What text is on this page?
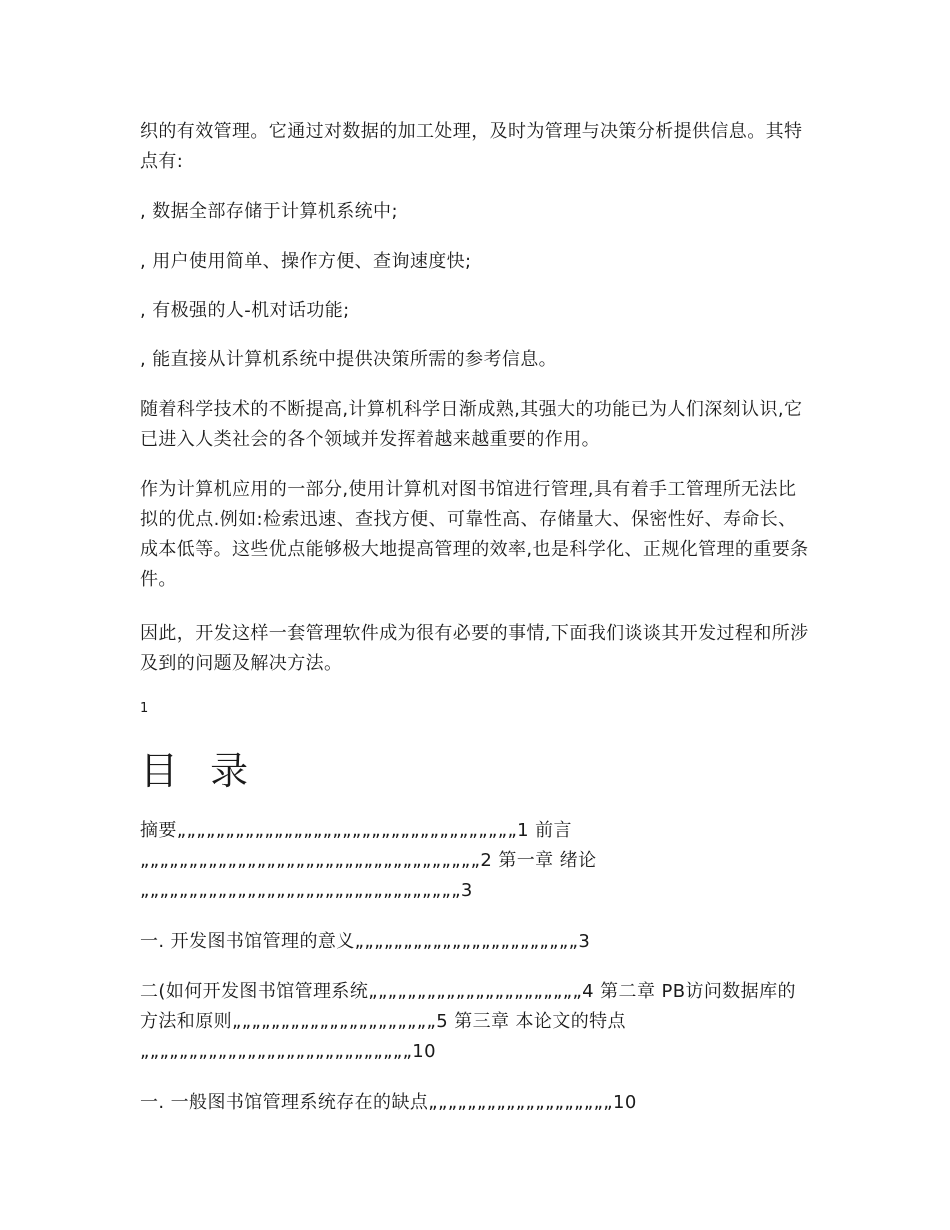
织的有效管理。它通过对数据的加工处理，及时为管理与决策分析提供信息。其特点有:

, 数据全部存储于计算机系统中;

, 用户使用简单、操作方便、查询速度快;

, 有极强的人-机对话功能;

, 能直接从计算机系统中提供决策所需的参考信息。

随着科学技术的不断提高,计算机科学日渐成熟,其强大的功能已为人们深刻认识,它已进入人类社会的各个领域并发挥着越来越重要的作用。

作为计算机应用的一部分,使用计算机对图书馆进行管理,具有着手工管理所无法比拟的优点.例如:检索迅速、查找方便、可靠性高、存储量大、保密性好、寿命长、成本低等。这些优点能够极大地提高管理的效率,也是科学化、正规化管理的重要条件。

因此，开发这样一套管理软件成为很有必要的事情,下面我们谈谈其开发过程和所涉及到的问题及解决方法。

1
目 录

摘要„„„„„„„„„„„„„„„„„„„„„„„„„„„„„„„„„„„1 前言„„„„„„„„„„„„„„„„„„„„„„„„„„„„„„„„„„„2 第一章 绪论„„„„„„„„„„„„„„„„„„„„„„„„„„„„„„„„„3

一. 开发图书馆管理的意义„„„„„„„„„„„„„„„„„„„„„„„3

二(如何开发图书馆管理系统„„„„„„„„„„„„„„„„„„„„„„4 第二章 PB访问数据库的方法和原则„„„„„„„„„„„„„„„„„„„„„5 第三章 本论文的特点 „„„„„„„„„„„„„„„„„„„„„„„„„„„„10

一. 一般图书馆管理系统存在的缺点„„„„„„„„„„„„„„„„„„„10
